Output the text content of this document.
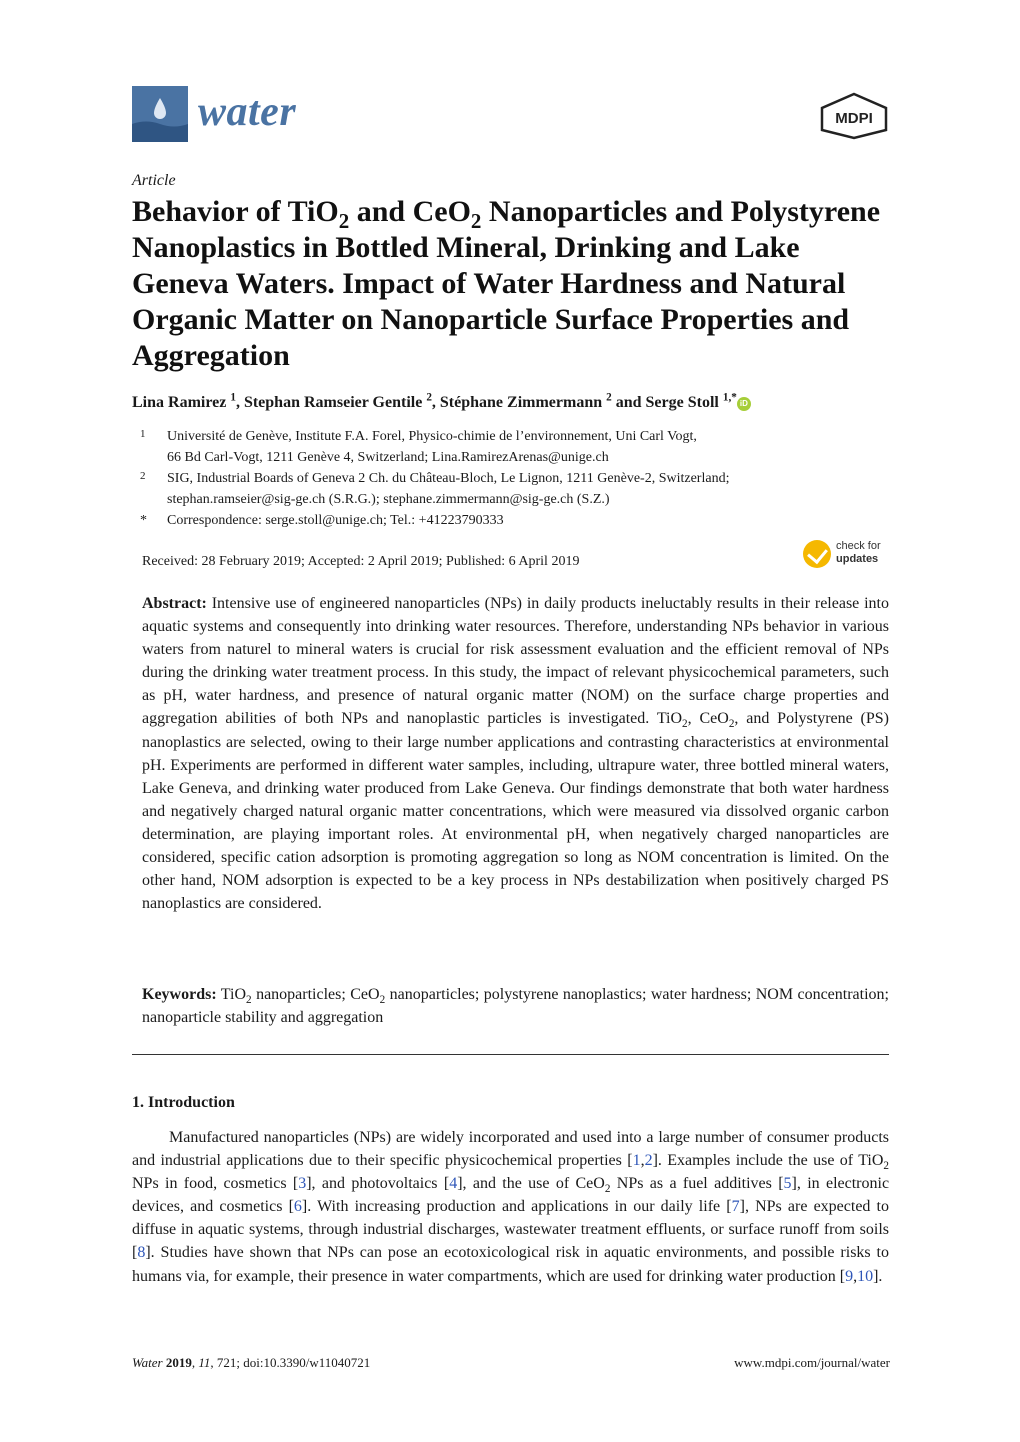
water	MDPI
Article
Behavior of TiO$_2$ and CeO$_2$ Nanoparticles and Polystyrene Nanoplastics in Bottled Mineral, Drinking and Lake Geneva Waters. Impact of Water Hardness and Natural Organic Matter on Nanoparticle Surface Properties and Aggregation
Lina Ramirez $^1$, Stephan Ramseier Gentile $^2$, Stéphane Zimmermann $^2$ and Serge Stoll $^{1,*}$ iD
1 Université de Genève, Institute F.A. Forel, Physico-chimie de l’environnement, Uni Carl Vogt,
66 Bd Carl-Vogt, 1211 Genève 4, Switzerland; Lina.RamirezArenas@unige.ch
2 SIG, Industrial Boards of Geneva 2 Ch. du Château-Bloch, Le Lignon, 1211 Genève-2, Switzerland;
stephan.ramseier@sig-ge.ch (S.R.G.); stephane.zimmermann@sig-ge.ch (S.Z.)
* Correspondence: serge.stoll@unige.ch; Tel.: +41223790333
Received: 28 February 2019; Accepted: 2 April 2019; Published: 6 April 2019
check for
updates
Abstract: Intensive use of engineered nanoparticles (NPs) in daily products ineluctably results in their release into aquatic systems and consequently into drinking water resources. Therefore, understanding NPs behavior in various waters from naturel to mineral waters is crucial for risk assessment evaluation and the efficient removal of NPs during the drinking water treatment process. In this study, the impact of relevant physicochemical parameters, such as pH, water hardness, and presence of natural organic matter (NOM) on the surface charge properties and aggregation abilities of both NPs and nanoplastic particles is investigated. TiO$_2$, CeO$_2$, and Polystyrene (PS) nanoplastics are selected, owing to their large number applications and contrasting characteristics at environmental pH. Experiments are performed in different water samples, including, ultrapure water, three bottled mineral waters, Lake Geneva, and drinking water produced from Lake Geneva. Our findings demonstrate that both water hardness and negatively charged natural organic matter concentrations, which were measured via dissolved organic carbon determination, are playing important roles. At environmental pH, when negatively charged nanoparticles are considered, specific cation adsorption is promoting aggregation so long as NOM concentration is limited. On the other hand, NOM adsorption is expected to be a key process in NPs destabilization when positively charged PS nanoplastics are considered.
Keywords: TiO$_2$ nanoparticles; CeO$_2$ nanoparticles; polystyrene nanoplastics; water hardness; NOM concentration; nanoparticle stability and aggregation
1. Introduction
Manufactured nanoparticles (NPs) are widely incorporated and used into a large number of consumer products and industrial applications due to their specific physicochemical properties [1,2]. Examples include the use of TiO$_2$ NPs in food, cosmetics [3], and photovoltaics [4], and the use of CeO$_2$ NPs as a fuel additives [5], in electronic devices, and cosmetics [6]. With increasing production and applications in our daily life [7], NPs are expected to diffuse in aquatic systems, through industrial discharges, wastewater treatment effluents, or surface runoff from soils [8]. Studies have shown that NPs can pose an ecotoxicological risk in aquatic environments, and possible risks to humans via, for example, their presence in water compartments, which are used for drinking water production [9,10].
Water 2019, 11, 721; doi:10.3390/w11040721	www.mdpi.com/journal/water
